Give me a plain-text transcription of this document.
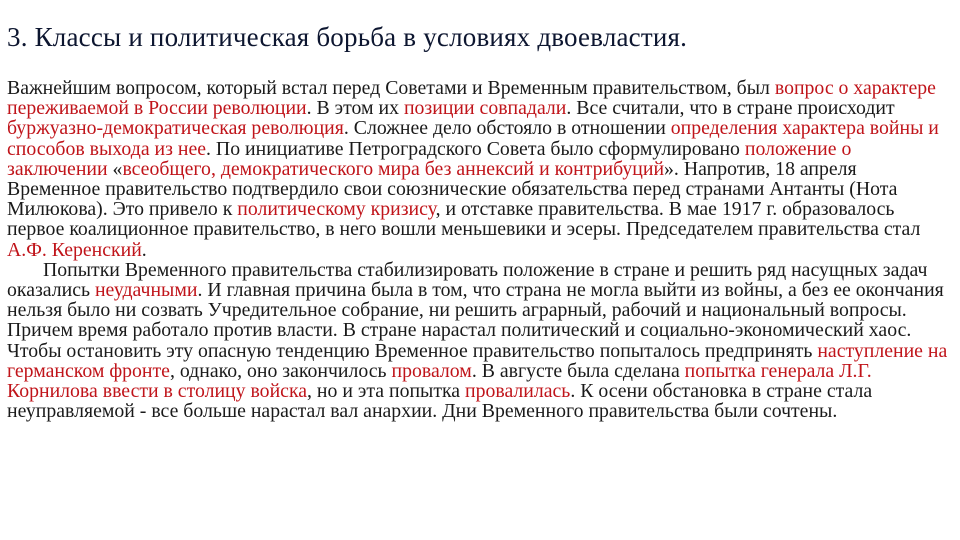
3. Классы и политическая борьба в условиях двоевластия.

Важнейшим вопросом, который встал перед Советами и Временным правительством, был вопрос о характере переживаемой в России революции. В этом их позиции совпадали. Все считали, что в стране происходит буржуазно-демократическая революция. Сложнее дело обстояло в отношении определения характера войны и способов выхода из нее. По инициативе Петроградского Совета было сформулировано положение о заключении «всеобщего, демократического мира без аннексий и контрибуций». Напротив, 18 апреля Временное правительство подтвердило свои союзнические обязательства перед странами Антанты (Нота Милюкова). Это привело к политическому кризису, и отставке правительства. В мае 1917 г. образовалось первое коалиционное правительство, в него вошли меньшевики и эсеры. Председателем правительства стал А.Ф. Керенский.

Попытки Временного правительства стабилизировать положение в стране и решить ряд насущных задач оказались неудачными. И главная причина была в том, что страна не могла выйти из войны, а без ее окончания нельзя было ни созвать Учредительное собрание, ни решить аграрный, рабочий и национальный вопросы. Причем время работало против власти. В стране нарастал политический и социально-экономический хаос. Чтобы остановить эту опасную тенденцию Временное правительство попыталось предпринять наступление на германском фронте, однако, оно закончилось провалом. В августе была сделана попытка генерала Л.Г. Корнилова ввести в столицу войска, но и эта попытка провалилась. К осени обстановка в стране стала неуправляемой - все больше нарастал вал анархии. Дни Временного правительства были сочтены.
